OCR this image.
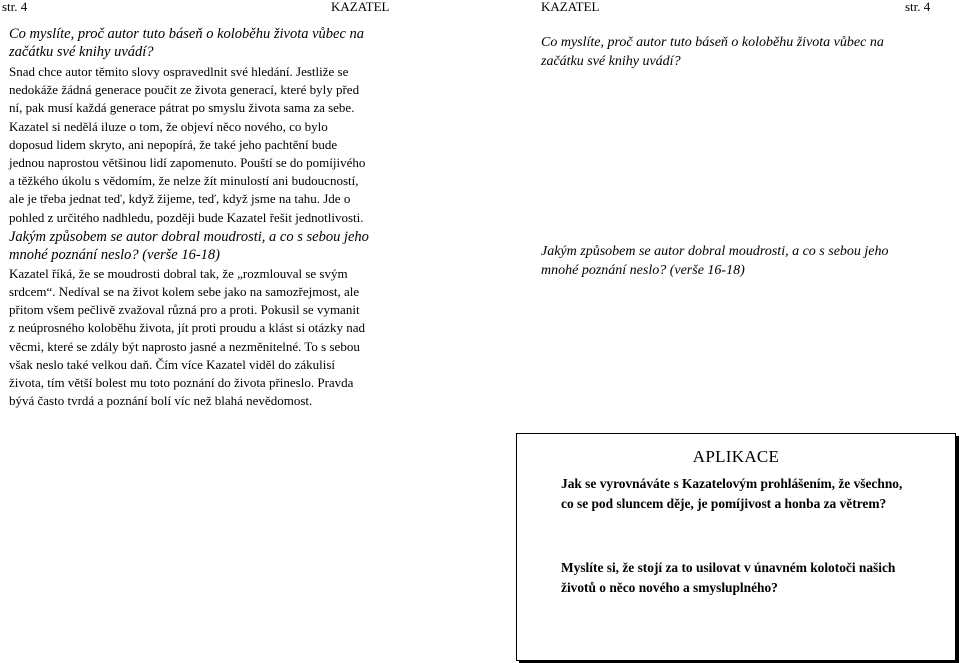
str. 4	KAZATEL	KAZATEL	str. 4
Co myslíte, proč autor tuto báseň o koloběhu života vůbec na začátku své knihy uvádí?
Snad chce autor těmito slovy ospravedlnit své hledání. Jestliže se
nedokáže žádná generace poučit ze života generací, které byly před
ní, pak musí každá generace pátrat po smyslu života sama za sebe.
Kazatel si nedělá iluze o tom, že objeví něco nového, co bylo
doposud lidem skryto, ani nepopírá, že také jeho pachtění bude
jednou naprostou většinou lidí zapomenuto. Pouští se do pomíjivého
a těžkého úkolu s vědomím, že nelze žít minulostí ani budoucností,
ale je třeba jednat teď, když žijeme, teď, když jsme na tahu. Jde o
pohled z určitého nadhledu, později bude Kazatel řešit jednotlivosti.
Jakým způsobem se autor dobral moudrosti, a co s sebou jeho
mnohé poznání neslo? (verše 16-18)
Kazatel říká, že se moudrosti dobral tak, že „rozmlouval se svým
srdcem“. Nedíval se na život kolem sebe jako na samozřejmost, ale
přitom všem pečlivě zvažoval různá pro a proti. Pokusil se vymanit
z neúprosného koloběhu života, jít proti proudu a klást si otázky nad
věcmi, které se zdály být naprosto jasné a nezměnitelné. To s sebou
však neslo také velkou daň. Čím více Kazatel viděl do zákulisí
života, tím větší bolest mu toto poznání do života přineslo. Pravda
bývá často tvrdá a poznání bolí víc než blahá nevědomost.
Co myslíte, proč autor tuto báseň o koloběhu života vůbec na
začátku své knihy uvádí?
Jakým způsobem se autor dobral moudrosti, a co s sebou jeho
mnohé poznání neslo? (verše 16-18)
APLIKACE
Jak se vyrovnáváte s Kazatelovým prohlášením, že všechno,
co se pod sluncem děje, je pomíjivost a honba za větrem?
Myslíte si, že stojí za to usilovat v únavném kolotoči našich
životů o něco nového a smysluplného?
